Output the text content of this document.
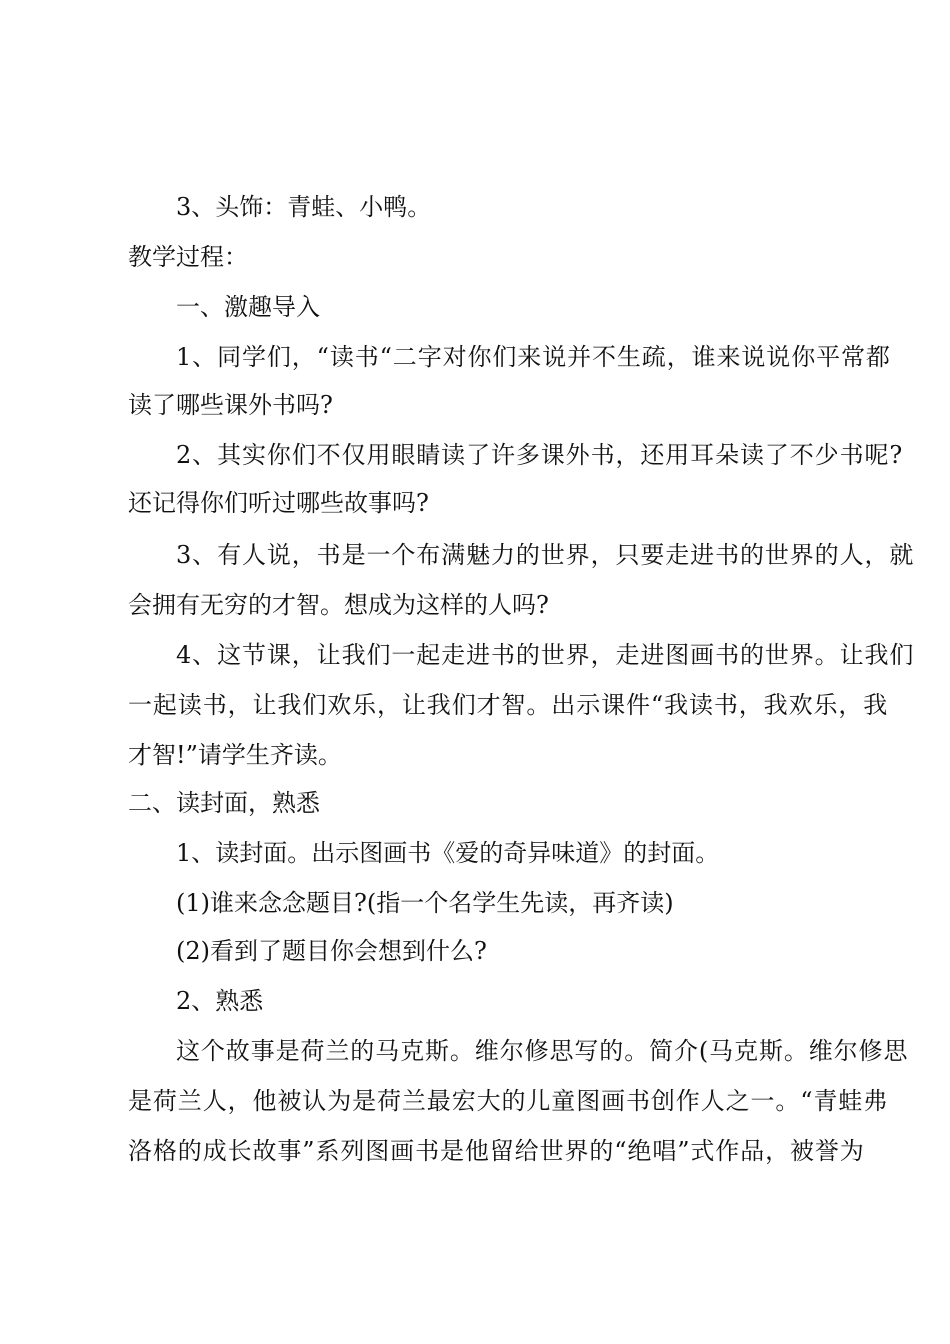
3、头饰：青蛙、小鸭。
教学过程：
一、激趣导入
1、同学们，“读书“二字对你们来说并不生疏，谁来说说你平常都
读了哪些课外书吗?
2、其实你们不仅用眼睛读了许多课外书，还用耳朵读了不少书呢?
还记得你们听过哪些故事吗?
3、有人说，书是一个布满魅力的世界，只要走进书的世界的人，就
会拥有无穷的才智。想成为这样的人吗?
4、这节课，让我们一起走进书的世界，走进图画书的世界。让我们
一起读书，让我们欢乐，让我们才智。出示课件“我读书，我欢乐，我
才智!”请学生齐读。
二、读封面，熟悉
1、读封面。出示图画书《爱的奇异味道》的封面。
(1)谁来念念题目?(指一个名学生先读，再齐读)
(2)看到了题目你会想到什么?
2、熟悉
这个故事是荷兰的马克斯。维尔修思写的。简介(马克斯。维尔修思
是荷兰人，他被认为是荷兰最宏大的儿童图画书创作人之一。“青蛙弗
洛格的成长故事”系列图画书是他留给世界的“绝唱”式作品，被誉为
